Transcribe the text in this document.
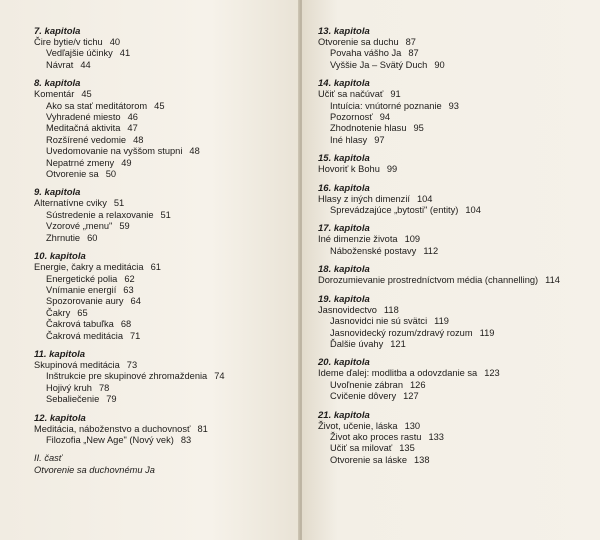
7. kapitola
Čire bytie/v tichu 40
Vedľajšie účinky 41
Návrat 44
8. kapitola
Komentár 45
Ako sa stať meditátorom 45
Vyhradené miesto 46
Meditačná aktivita 47
Rozšírené vedomie 48
Uvedomovanie na vyššom stupni 48
Nepatrné zmeny 49
Otvorenie sa 50
9. kapitola
Alternatívne cviky 51
Sústredenie a relaxovanie 51
Vzorové „menu" 59
Zhrnutie 60
10. kapitola
Energie, čakry a meditácia 61
Energetické polia 62
Vnímanie energií 63
Spozorovanie aury 64
Čakry 65
Čakrová tabuľka 68
Čakrová meditácia 71
11. kapitola
Skupinová meditácia 73
Inštrukcie pre skupinové zhromaždenia 74
Hojivý kruh 78
Sebaliečenie 79
12. kapitola
Meditácia, náboženstvo a duchovnosť 81
Filozofia „New Age" (Nový vek) 83
II. časť
Otvorenie sa duchovnému Ja
13. kapitola
Otvorenie sa duchu 87
Povaha vášho Ja 87
Vyššie Ja – Svätý Duch 90
14. kapitola
Učiť sa načúvať 91
Intuícia: vnútorné poznanie 93
Pozornosť 94
Zhodnotenie hlasu 95
Iné hlasy 97
15. kapitola
Hovoriť k Bohu 99
16. kapitola
Hlasy z iných dimenzií 104
Sprevádzajúce „bytosti" (entity) 104
17. kapitola
Iné dimenzie života 109
Náboženské postavy 112
18. kapitola
Dorozumievanie prostredníctvom média (channelling) 114
19. kapitola
Jasnovidectvo 118
Jasnovidci nie sú svätci 119
Jasnovidecký rozum/zdravý rozum 119
Ďalšie úvahy 121
20. kapitola
Ideme ďalej: modlitba a odovzdanie sa 123
Uvoľnenie zábran 126
Cvičenie dôvery 127
21. kapitola
Život, učenie, láska 130
Život ako proces rastu 133
Učiť sa milovať 135
Otvorenie sa láske 138
